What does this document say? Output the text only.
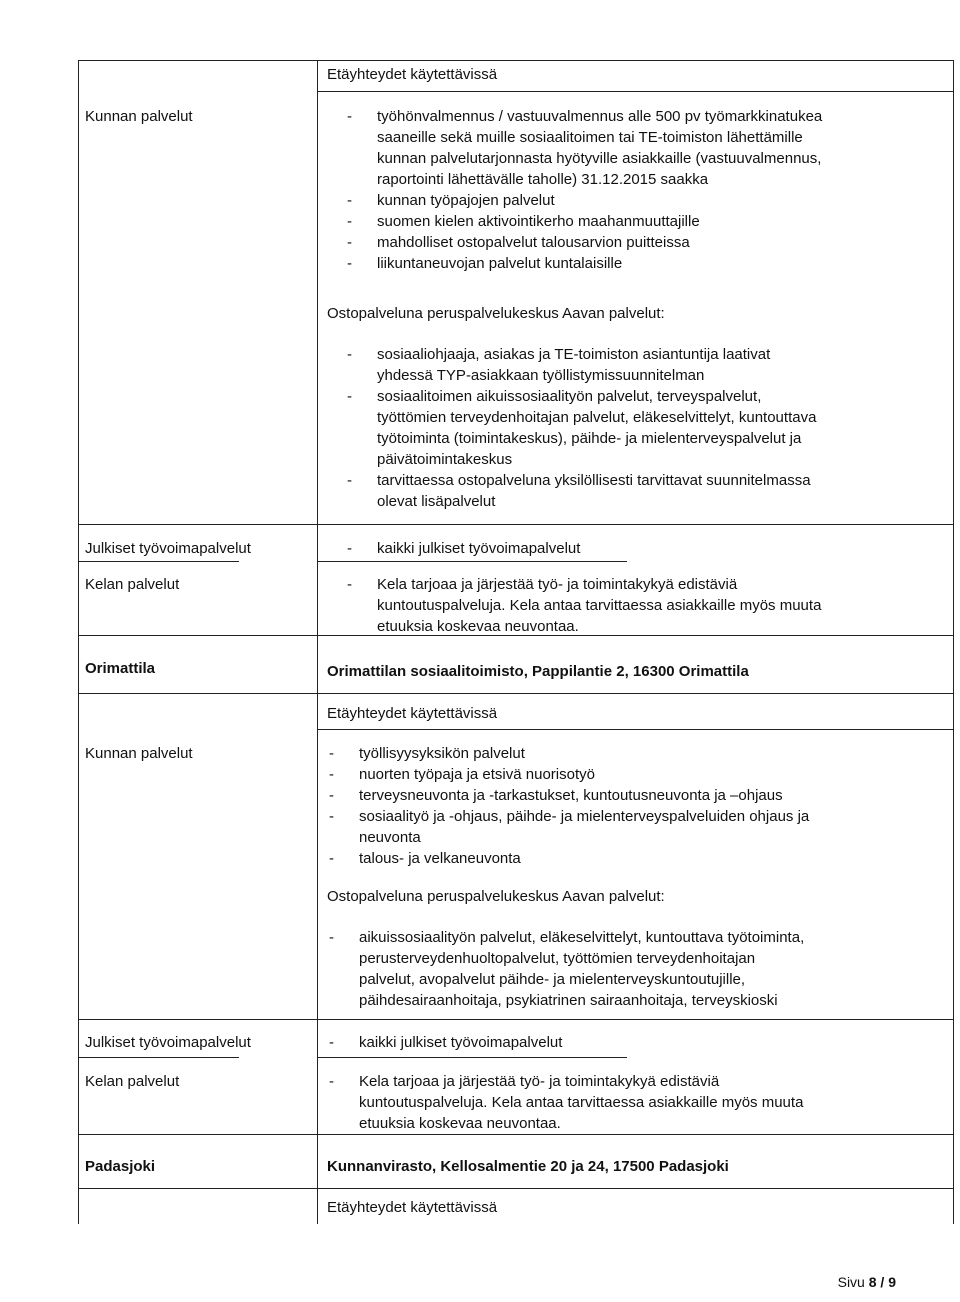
Etäyhteydet käytettävissä
Kunnan palvelut	- työhönvalmennus / vastuuvalmennus alle 500 pv työmarkkinatukea
saaneille sekä muille sosiaalitoimen tai TE-toimiston lähettämille
kunnan palvelutarjonnasta hyötyville asiakkaille (vastuuvalmennus,
raportointi lähettävälle taholle) 31.12.2015 saakka
- kunnan työpajojen palvelut
- suomen kielen aktivointikerho maahanmuuttajille
- mahdolliset ostopalvelut talousarvion puitteissa
- liikuntaneuvojan palvelut kuntalaisille
Ostopalveluna peruspalvelukeskus Aavan palvelut:
- sosiaaliohjaaja, asiakas ja TE-toimiston asiantuntija laativat
yhdessä TYP-asiakkaan työllistymissuunnitelman
- sosiaalitoimen aikuissosiaalityön palvelut, terveyspalvelut,
työttömien terveydenhoitajan palvelut, eläkeselvittelyt, kuntouttava
työtoiminta (toimintakeskus), päihde- ja mielenterveyspalvelut ja
päivätoimintakeskus
- tarvittaessa ostopalveluna yksilöllisesti tarvittavat suunnitelmassa
olevat lisäpalvelut
Julkiset työvoimapalvelut	- kaikki julkiset työvoimapalvelut
Kelan palvelut	- Kela tarjoaa ja järjestää työ- ja toimintakykyä edistäviä
kuntoutuspalveluja. Kela antaa tarvittaessa asiakkaille myös muuta
etuuksia koskevaa neuvontaa.
Orimattila	Orimattilan sosiaalitoimisto, Pappilantie 2, 16300 Orimattila
Etäyhteydet käytettävissä
Kunnan palvelut	- työllisyysyksikön palvelut
- nuorten työpaja ja etsivä nuorisotyö
- terveysneuvonta ja -tarkastukset, kuntoutusneuvonta ja –ohjaus
- sosiaalityö ja -ohjaus, päihde- ja mielenterveyspalveluiden ohjaus ja
neuvonta
- talous- ja velkaneuvonta
Ostopalveluna peruspalvelukeskus Aavan palvelut:
- aikuissosiaalityön palvelut, eläkeselvittelyt, kuntouttava työtoiminta,
perusterveydenhuoltopalvelut, työttömien terveydenhoitajan
palvelut, avopalvelut päihde- ja mielenterveyskuntoutujille,
päihdesairaanhoitaja, psykiatrinen sairaanhoitaja, terveyskioski
Julkiset työvoimapalvelut	- kaikki julkiset työvoimapalvelut
Kelan palvelut	- Kela tarjoaa ja järjestää työ- ja toimintakykyä edistäviä
kuntoutuspalveluja. Kela antaa tarvittaessa asiakkaille myös muuta
etuuksia koskevaa neuvontaa.
Padasjoki	Kunnanvirasto, Kellosalmentie 20 ja 24, 17500 Padasjoki
Etäyhteydet käytettävissä
Sivu 8 / 9
